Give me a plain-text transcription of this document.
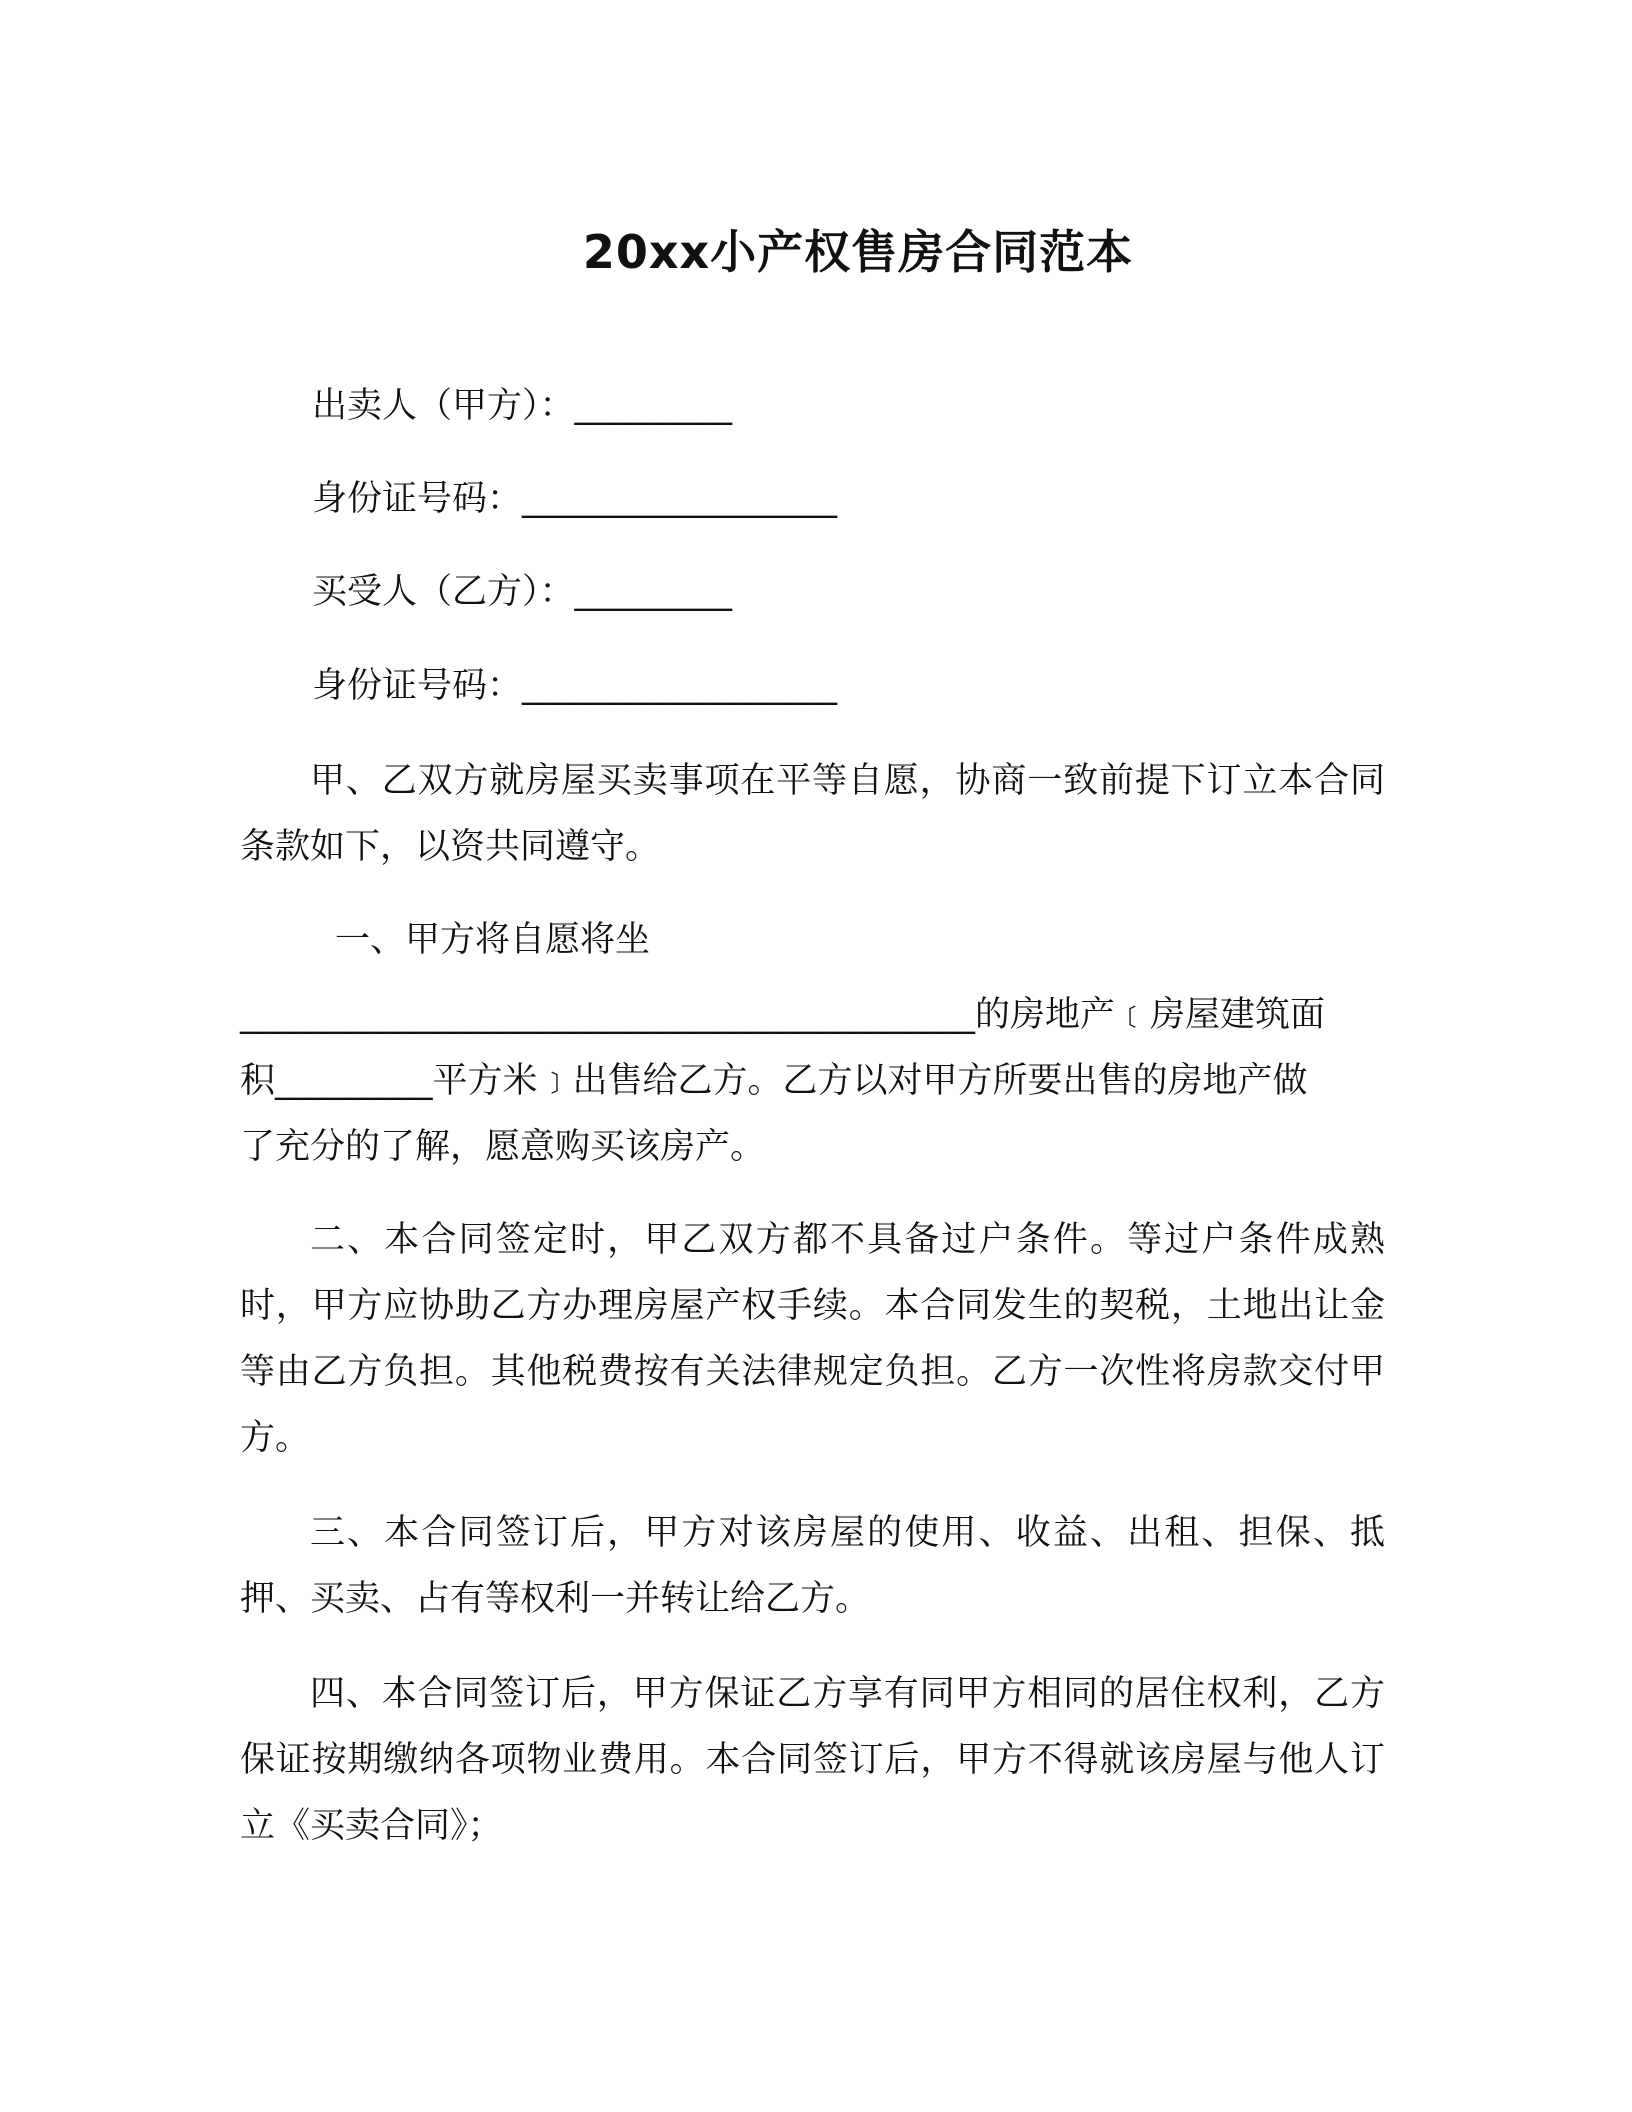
20xx小产权售房合同范本
出卖人（甲方）：_________
身份证号码：__________________
买受人（乙方）：_________
身份证号码：__________________

甲、乙双方就房屋买卖事项在平等自愿，协商一致前提下订立本合同条款如下，以资共同遵守。

一、甲方将自愿将坐
__________________________________________的房地产﹝房屋建筑面
积_________平方米﹞出售给乙方。乙方以对甲方所要出售的房地产做
了充分的了解，愿意购买该房产。

二、本合同签定时，甲乙双方都不具备过户条件。等过户条件成熟时，甲方应协助乙方办理房屋产权手续。本合同发生的契税，土地出让金等由乙方负担。其他税费按有关法律规定负担。乙方一次性将房款交付甲方。

三、本合同签订后，甲方对该房屋的使用、收益、出租、担保、抵押、买卖、占有等权利一并转让给乙方。

四、本合同签订后，甲方保证乙方享有同甲方相同的居住权利，乙方保证按期缴纳各项物业费用。本合同签订后，甲方不得就该房屋与他人订立《买卖合同》；
